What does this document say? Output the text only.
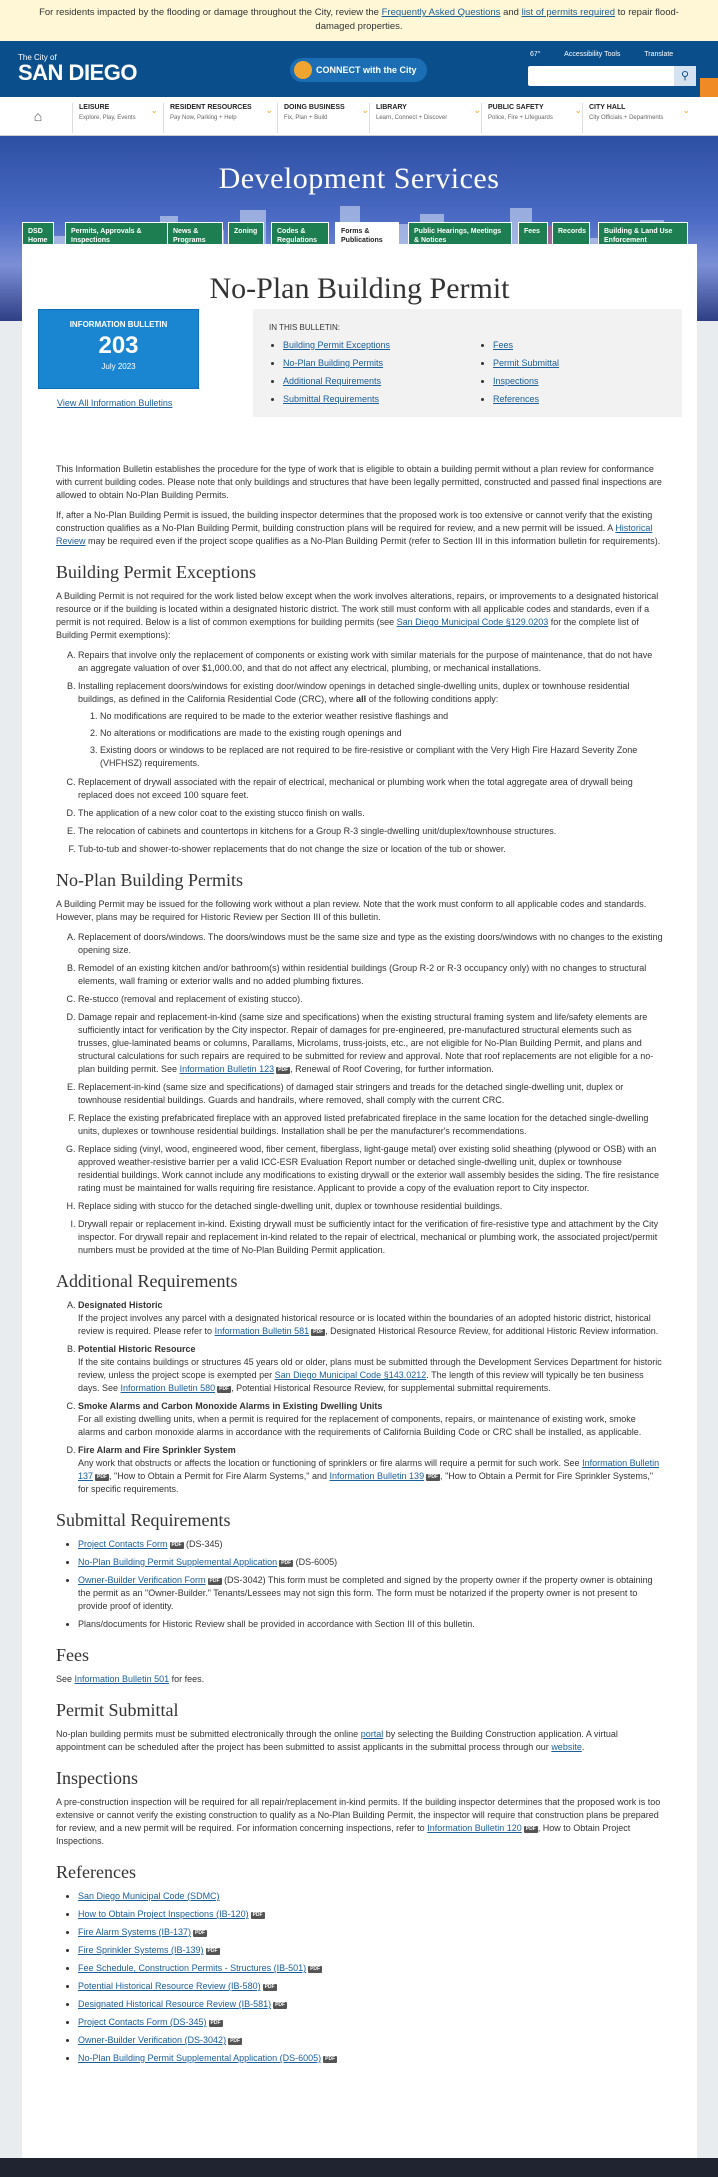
For residents impacted by the flooding or damage throughout the City, review the Frequently Asked Questions and list of permits required to repair flood-damaged properties.
The City of
SAN DIEGO	CONNECT with the City
67°	Accessibility Tools	Translate
⚲
⌂
LEISURE
Explore, Play, Events
⌄ RESIDENT RESOURCES
Pay Now, Parking + Help
⌄ DOING BUSINESS
Fix, Plan + Build
⌄ LIBRARY
Learn, Connect + Discover
⌄ PUBLIC SAFETY
Police, Fire + Lifeguards
⌄ CITY HALL
City Officials + Departments
⌄
Development Services
DSD Home
Permits, Approvals & Inspections
News & Programs
Zoning	Codes & Regulations
Forms & Publications
Public Hearings, Meetings & Notices
Fees	Records	Building & Land Use Enforcement
No-Plan Building Permit
INFORMATION BULLETIN
203
July 2023
View All Information Bulletins
IN THIS BULLETIN:
• Building Permit Exceptions
• No-Plan Building Permits
• Additional Requirements
• Submittal Requirements
• Fees
• Permit Submittal
• Inspections
• References

This Information Bulletin establishes the procedure for the type of work that is eligible to obtain a building permit without a plan review for conformance with current building codes. Please note that only buildings and structures that have been legally permitted, constructed and passed final inspections are allowed to obtain No-Plan Building Permits.

If, after a No-Plan Building Permit is issued, the building inspector determines that the proposed work is too extensive or cannot verify that the existing construction qualifies as a No-Plan Building Permit, building construction plans will be required for review, and a new permit will be issued. A Historical Review may be required even if the project scope qualifies as a No-Plan Building Permit (refer to Section III in this information bulletin for requirements).

Building Permit Exceptions

A Building Permit is not required for the work listed below except when the work involves alterations, repairs, or improvements to a designated historical resource or if the building is located within a designated historic district. The work still must conform with all applicable codes and standards, even if a permit is not required. Below is a list of common exemptions for building permits (see San Diego Municipal Code §129.0203 for the complete list of Building Permit exemptions):

A. Repairs that involve only the replacement of components or existing work with similar materials for the purpose of maintenance, that do not have an aggregate valuation of over $1,000.00, and that do not affect any electrical, plumbing, or mechanical installations.
B. Installing replacement doors/windows for existing door/window openings in detached single-dwelling units, duplex or townhouse residential buildings, as defined in the California Residential Code (CRC), where all of the following conditions apply:
1. No modifications are required to be made to the exterior weather resistive flashings and
2. No alterations or modifications are made to the existing rough openings and
3. Existing doors or windows to be replaced are not required to be fire-resistive or compliant with the Very High Fire Hazard Severity Zone (VHFHSZ) requirements.
C. Replacement of drywall associated with the repair of electrical, mechanical or plumbing work when the total aggregate area of drywall being replaced does not exceed 100 square feet.
D. The application of a new color coat to the existing stucco finish on walls.
E. The relocation of cabinets and countertops in kitchens for a Group R-3 single-dwelling unit/duplex/townhouse structures.
F. Tub-to-tub and shower-to-shower replacements that do not change the size or location of the tub or shower.
No-Plan Building Permits

A Building Permit may be issued for the following work without a plan review. Note that the work must conform to all applicable codes and standards. However, plans may be required for Historic Review per Section III of this bulletin.

A. Replacement of doors/windows. The doors/windows must be the same size and type as the existing doors/windows with no changes to the existing opening size.
B. Remodel of an existing kitchen and/or bathroom(s) within residential buildings (Group R-2 or R-3 occupancy only) with no changes to structural elements, wall framing or exterior walls and no added plumbing fixtures.
C. Re-stucco (removal and replacement of existing stucco).
D. Damage repair and replacement-in-kind (same size and specifications) when the existing structural framing system and life/safety elements are sufficiently intact for verification by the City inspector. Repair of damages for pre-engineered, pre-manufactured structural elements such as trusses, glue-laminated beams or columns, Parallams, Microlams, truss-joists, etc., are not eligible for No-Plan Building Permit, and plans and structural calculations for such repairs are required to be submitted for review and approval. Note that roof replacements are not eligible for a no-plan building permit. See Information Bulletin 123 PDF , Renewal of Roof Covering, for further information.
E. Replacement-in-kind (same size and specifications) of damaged stair stringers and treads for the detached single-dwelling unit, duplex or townhouse residential buildings. Guards and handrails, where removed, shall comply with the current CRC.
F. Replace the existing prefabricated fireplace with an approved listed prefabricated fireplace in the same location for the detached single-dwelling units, duplexes or townhouse residential buildings. Installation shall be per the manufacturer's recommendations.
G. Replace siding (vinyl, wood, engineered wood, fiber cement, fiberglass, light-gauge metal) over existing solid sheathing (plywood or OSB) with an approved weather-resistive barrier per a valid ICC-ESR Evaluation Report number or detached single-dwelling unit, duplex or townhouse residential buildings. Work cannot include any modifications to existing drywall or the exterior wall assembly besides the siding. The fire resistance rating must be maintained for walls requiring fire resistance. Applicant to provide a copy of the evaluation report to City inspector.
H. Replace siding with stucco for the detached single-dwelling unit, duplex or townhouse residential buildings.
I. Drywall repair or replacement in-kind. Existing drywall must be sufficiently intact for the verification of fire-resistive type and attachment by the City inspector. For drywall repair and replacement in-kind related to the repair of electrical, mechanical or plumbing work, the associated project/permit numbers must be provided at the time of No-Plan Building Permit application.
Additional Requirements
A. Designated Historic
If the project involves any parcel with a designated historical resource or is located within the boundaries of an adopted historic district, historical review is required. Please refer to Information Bulletin 581 PDF , Designated Historical Resource Review, for additional Historic Review information.
B. Potential Historic Resource
If the site contains buildings or structures 45 years old or older, plans must be submitted through the Development Services Department for historic review, unless the project scope is exempted per San Diego Municipal Code §143.0212. The length of this review will typically be ten business days. See Information Bulletin 580 PDF , Potential Historical Resource Review, for supplemental submittal requirements.
C. Smoke Alarms and Carbon Monoxide Alarms in Existing Dwelling Units
For all existing dwelling units, when a permit is required for the replacement of components, repairs, or maintenance of existing work, smoke alarms and carbon monoxide alarms in accordance with the requirements of California Building Code or CRC shall be installed, as applicable.
D. Fire Alarm and Fire Sprinkler System
Any work that obstructs or affects the location or functioning of sprinklers or fire alarms will require a permit for such work. See Information Bulletin 137 PDF , "How to Obtain a Permit for Fire Alarm Systems," and Information Bulletin 139 PDF , "How to Obtain a Permit for Fire Sprinkler Systems," for specific requirements.
Submittal Requirements
• Project Contacts Form PDF (DS-345)
• No-Plan Building Permit Supplemental Application PDF (DS-6005)
• Owner-Builder Verification Form PDF (DS-3042) This form must be completed and signed by the property owner if the property owner is obtaining the permit as an "Owner-Builder." Tenants/Lessees may not sign this form. The form must be notarized if the property owner is not present to provide proof of identity.
• Plans/documents for Historic Review shall be provided in accordance with Section III of this bulletin.
Fees

See Information Bulletin 501 for fees.

Permit Submittal

No-plan building permits must be submitted electronically through the online portal by selecting the Building Construction application. A virtual appointment can be scheduled after the project has been submitted to assist applicants in the submittal process through our website.

Inspections

A pre-construction inspection will be required for all repair/replacement in-kind permits. If the building inspector determines that the proposed work is too extensive or cannot verify the existing construction to qualify as a No-Plan Building Permit, the inspector will require that construction plans be prepared for review, and a new permit will be required. For information concerning inspections, refer to Information Bulletin 120 PDF , How to Obtain Project Inspections.

References
• San Diego Municipal Code (SDMC)
• How to Obtain Project Inspections (IB-120) PDF
• Fire Alarm Systems (IB-137) PDF
• Fire Sprinkler Systems (IB-139) PDF
• Fee Schedule, Construction Permits - Structures (IB-501) PDF
• Potential Historical Resource Review (IB-580) PDF
• Designated Historical Resource Review (IB-581) PDF
• Project Contacts Form (DS-345) PDF
• Owner-Builder Verification (DS-3042) PDF
• No-Plan Building Permit Supplemental Application (DS-6005) PDF
